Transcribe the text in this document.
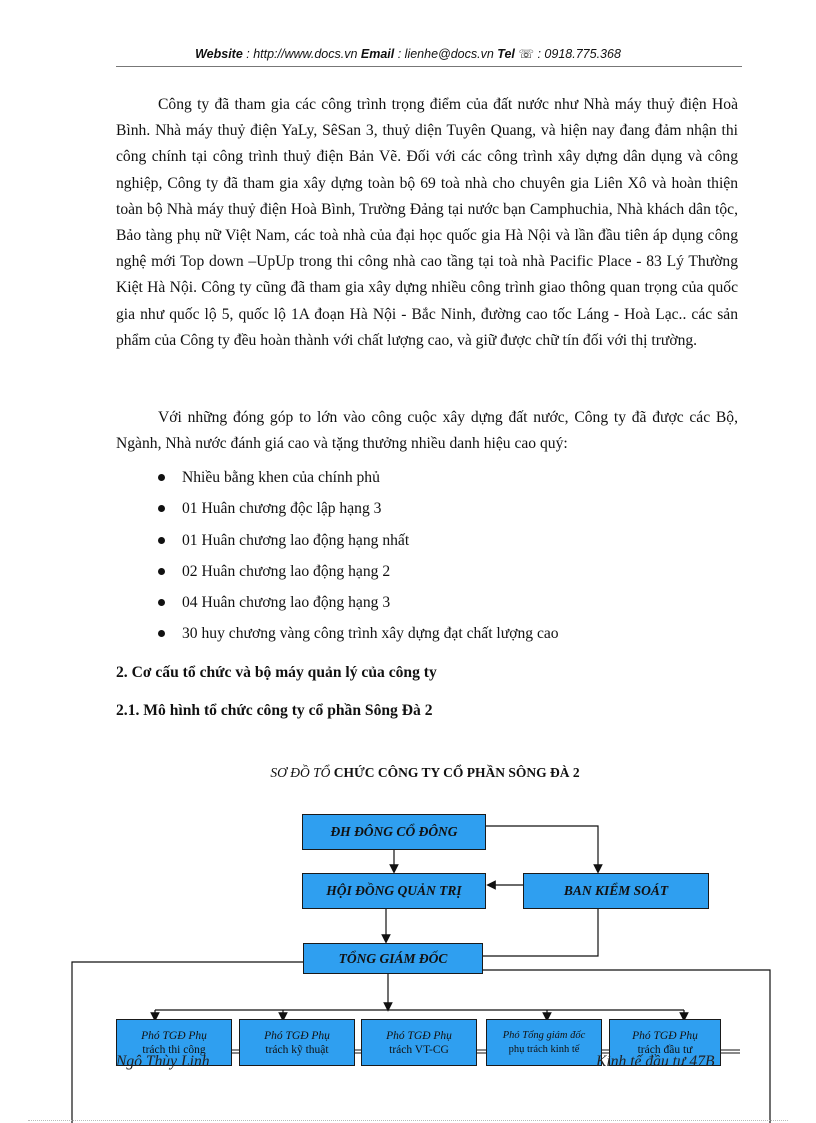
Website : http://www.docs.vn Email : lienhe@docs.vn Tel ☏ : 0918.775.368

Công ty đã tham gia các công trình trọng điểm của đất nước như Nhà máy thuỷ điện Hoà Bình. Nhà máy thuỷ điện YaLy, SêSan 3, thuỷ diện Tuyên Quang, và hiện nay đang đảm nhận thi công chính tại công trình thuỷ điện Bản Vẽ. Đối với các công trình xây dựng dân dụng và công nghiệp, Công ty đã tham gia xây dựng toàn bộ 69 toà nhà cho chuyên gia Liên Xô và hoàn thiện toàn bộ Nhà máy thuỷ điện Hoà Bình, Trường Đảng tại nước bạn Camphuchia, Nhà khách dân tộc, Bảo tàng phụ nữ Việt Nam, các toà nhà của đại học quốc gia Hà Nội và lần đầu tiên áp dụng công nghệ mới Top down –UpUp trong thi công nhà cao tầng tại toà nhà Pacific Place - 83 Lý Thường Kiệt Hà Nội. Công ty cũng đã tham gia xây dựng nhiều công trình giao thông quan trọng của quốc gia như quốc lộ 5, quốc lộ 1A đoạn Hà Nội - Bắc Ninh, đường cao tốc Láng - Hoà Lạc.. các sản phẩm của Công ty đều hoàn thành với chất lượng cao, và giữ được chữ tín đối với thị trường.

Với những đóng góp to lớn vào công cuộc xây dựng đất nước, Công ty đã được các Bộ, Ngành, Nhà nước đánh giá cao và tặng thưởng nhiều danh hiệu cao quý:

Nhiều bằng khen của chính phủ
01 Huân chương độc lập hạng 3
01 Huân chương lao động hạng nhất
02 Huân chương lao động hạng 2
04 Huân chương lao động hạng 3
30 huy chương vàng công trình xây dựng đạt chất lượng cao
2. Cơ cấu tổ chức và bộ máy quản lý của công ty
2.1. Mô hình tổ chức công ty cổ phần Sông Đà 2
SƠ ĐỒ TỔ CHỨC CÔNG TY CỔ PHẦN SÔNG ĐÀ 2
ĐH ĐÔNG CỔ ĐÔNG
HỘI ĐỒNG QUẢN TRỊ	BAN KIỂM SOÁT
TỔNG GIÁM ĐỐC
Phó TGĐ Phụ
trách thi công
Phó TGĐ Phụ
trách kỹ thuật
Phó TGĐ Phụ
trách VT-CG
Phó Tổng giám đốc
phụ trách kinh tế
Phó TGĐ Phụ
trách đầu tư
Ngô Thùy Linh	Kinh tế đầu tư 47B
